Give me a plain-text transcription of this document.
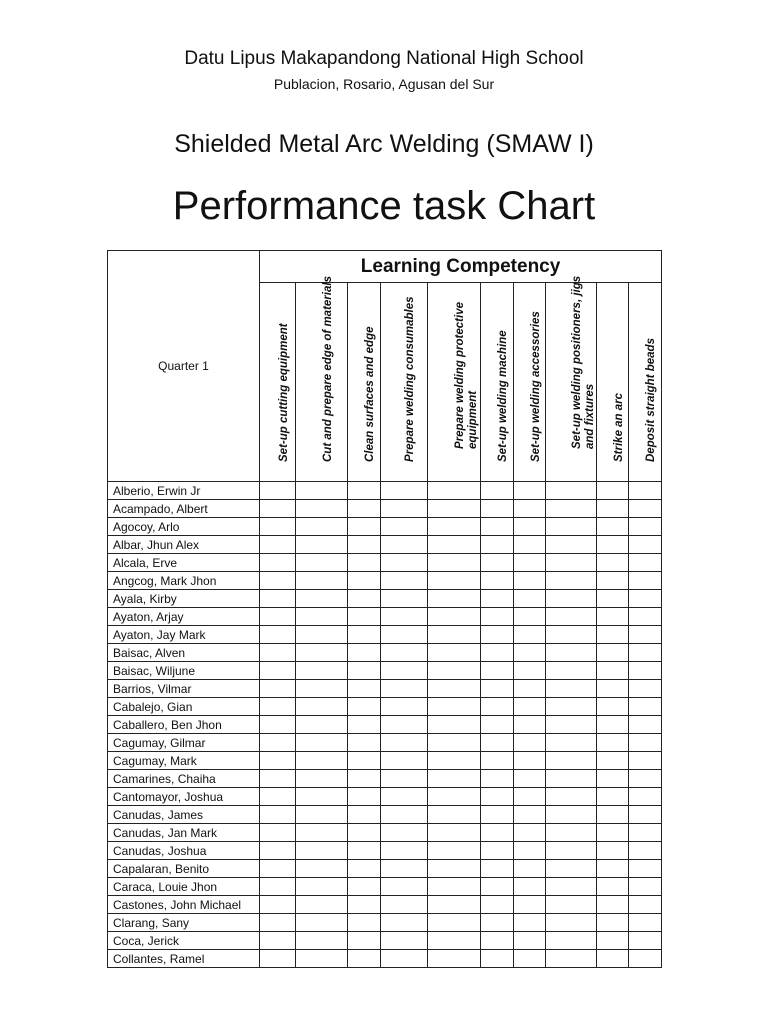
Datu Lipus Makapandong National High School
Publacion, Rosario, Agusan del Sur
Shielded Metal Arc Welding (SMAW I)
Performance task Chart
Quarter 1	Learning Competency									

	Set-up cutting equipment	Cut and prepare edge of materials	Clean surfaces and edge	Prepare welding consumables	Prepare welding protective equipment	Set-up welding machine	Set-up welding accessories	Set-up welding positioners, jigs and fixtures	Strike an arc	Deposit straight beads

Alberio, Erwin Jr										
Acampado, Albert										
Agocoy, Arlo										
Albar, Jhun Alex										
Alcala, Erve										
Angcog, Mark Jhon										
Ayala, Kirby										
Ayaton, Arjay										
Ayaton, Jay Mark										
Baisac, Alven										
Baisac, Wiljune										
Barrios, Vilmar										
Cabalejo, Gian										
Caballero, Ben Jhon										
Cagumay, Gilmar										
Cagumay, Mark										
Camarines, Chaiha										
Cantomayor, Joshua										
Canudas, James										
Canudas, Jan Mark										
Canudas, Joshua										
Capalaran, Benito										
Caraca, Louie Jhon										
Castones, John Michael										
Clarang, Sany										
Coca, Jerick										
Collantes, Ramel										
